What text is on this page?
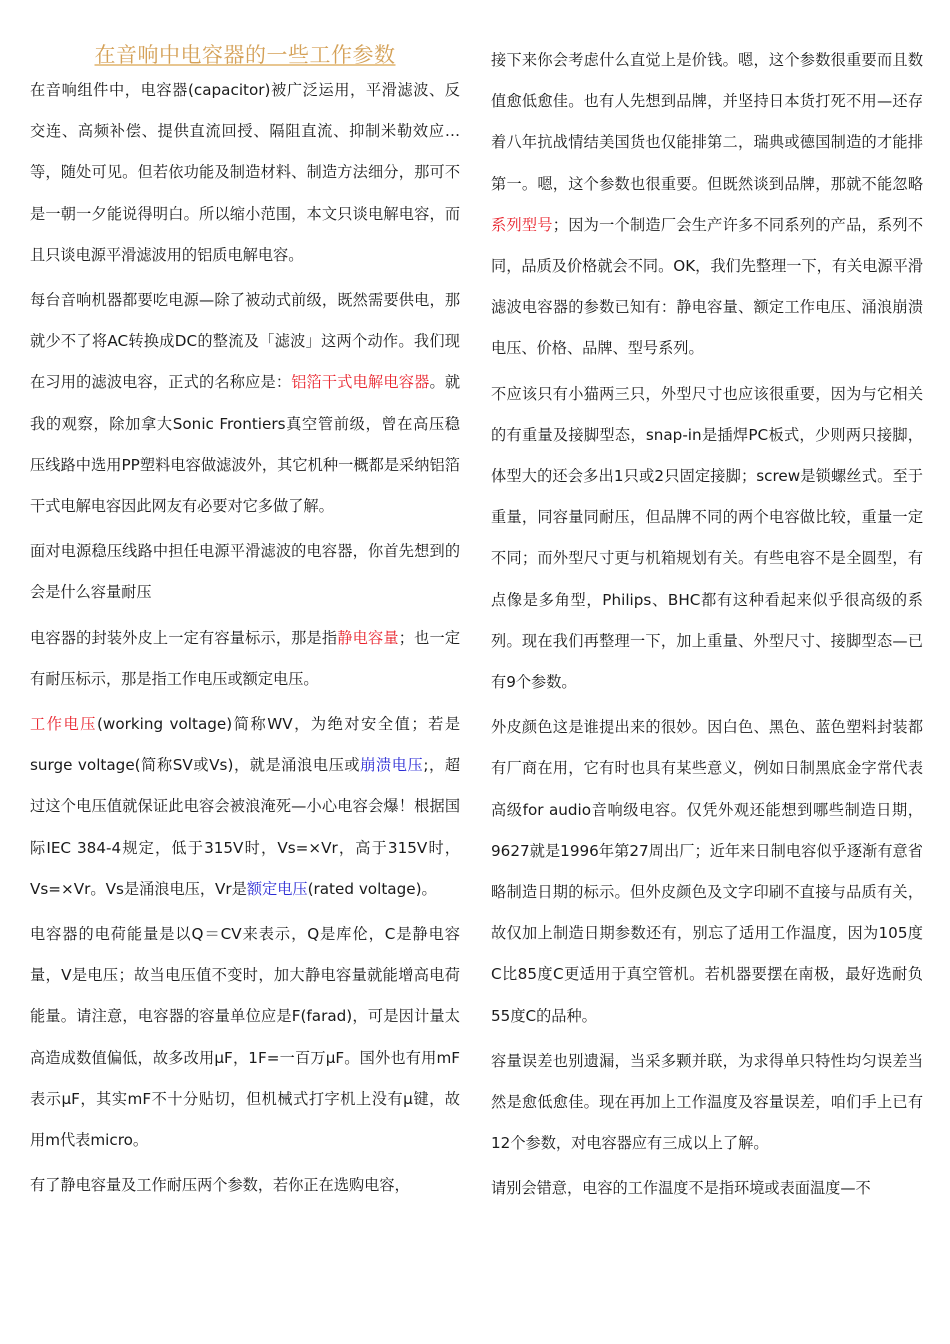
在音响中电容器的一些工作参数

在音响组件中，电容器(capacitor)被广泛运用，平滑滤波、反交连、高频补偿、提供直流回授、隔阻直流、抑制米勒效应…等，随处可见。但若依功能及制造材料、制造方法细分，那可不是一朝一夕能说得明白。所以缩小范围，本文只谈电解电容，而且只谈电源平滑滤波用的铝质电解电容。

每台音响机器都要吃电源—除了被动式前级，既然需要供电，那就少不了将AC转换成DC的整流及「滤波」这两个动作。我们现在习用的滤波电容，正式的名称应是：铝箔干式电解电容器。就我的观察，除加拿大Sonic Frontiers真空管前级，曾在高压稳压线路中选用PP塑料电容做滤波外，其它机种一概都是采纳铝箔干式电解电容因此网友有必要对它多做了解。

面对电源稳压线路中担任电源平滑滤波的电容器，你首先想到的会是什么容量耐压

电容器的封装外皮上一定有容量标示，那是指静电容量；也一定有耐压标示，那是指工作电压或额定电压。

工作电压(working voltage)简称WV，为绝对安全值；若是surge voltage(简称SV或Vs)，就是涌浪电压或崩溃电压;，超过这个电压值就保证此电容会被浪淹死—小心电容会爆！根据国际IEC 384-4规定，低于315V时，Vs=×Vr，高于315V时，Vs=×Vr。Vs是涌浪电压，Vr是额定电压(rated voltage)。

电容器的电荷能量是以Q＝CV来表示，Q是库伦，C是静电容量，V是电压；故当电压值不变时，加大静电容量就能增高电荷能量。请注意，电容器的容量单位应是F(farad)，可是因计量太高造成数值偏低，故多改用μF，1F=一百万μF。国外也有用mF表示μF，其实mF不十分贴切，但机械式打字机上没有μ键，故用m代表micro。

有了静电容量及工作耐压两个参数，若你正在选购电容，

接下来你会考虑什么直觉上是价钱。嗯，这个参数很重要而且数值愈低愈佳。也有人先想到品牌，并坚持日本货打死不用—还存着八年抗战情结美国货也仅能排第二，瑞典或德国制造的才能排第一。嗯，这个参数也很重要。但既然谈到品牌，那就不能忽略系列型号；因为一个制造厂会生产许多不同系列的产品，系列不同，品质及价格就会不同。OK，我们先整理一下，有关电源平滑滤波电容器的参数已知有：静电容量、额定工作电压、涌浪崩溃电压、价格、品牌、型号系列。

不应该只有小猫两三只，外型尺寸也应该很重要，因为与它相关的有重量及接脚型态，snap-in是插焊PC板式，少则两只接脚，体型大的还会多出1只或2只固定接脚；screw是锁螺丝式。至于重量，同容量同耐压，但品牌不同的两个电容做比较，重量一定不同；而外型尺寸更与机箱规划有关。有些电容不是全圆型，有点像是多角型，Philips、BHC都有这种看起来似乎很高级的系列。现在我们再整理一下，加上重量、外型尺寸、接脚型态—已有9个参数。

外皮颜色这是谁提出来的很妙。因白色、黑色、蓝色塑料封装都有厂商在用，它有时也具有某些意义，例如日制黑底金字常代表高级for audio音响级电容。仅凭外观还能想到哪些制造日期，9627就是1996年第27周出厂；近年来日制电容似乎逐渐有意省略制造日期的标示。但外皮颜色及文字印刷不直接与品质有关，故仅加上制造日期参数还有，别忘了适用工作温度，因为105度C比85度C更适用于真空管机。若机器要摆在南极，最好选耐负55度C的品种。

容量误差也别遗漏，当采多颗并联，为求得单只特性均匀误差当然是愈低愈佳。现在再加上工作温度及容量误差，咱们手上已有12个参数，对电容器应有三成以上了解。

请别会错意，电容的工作温度不是指环境或表面温度—不
